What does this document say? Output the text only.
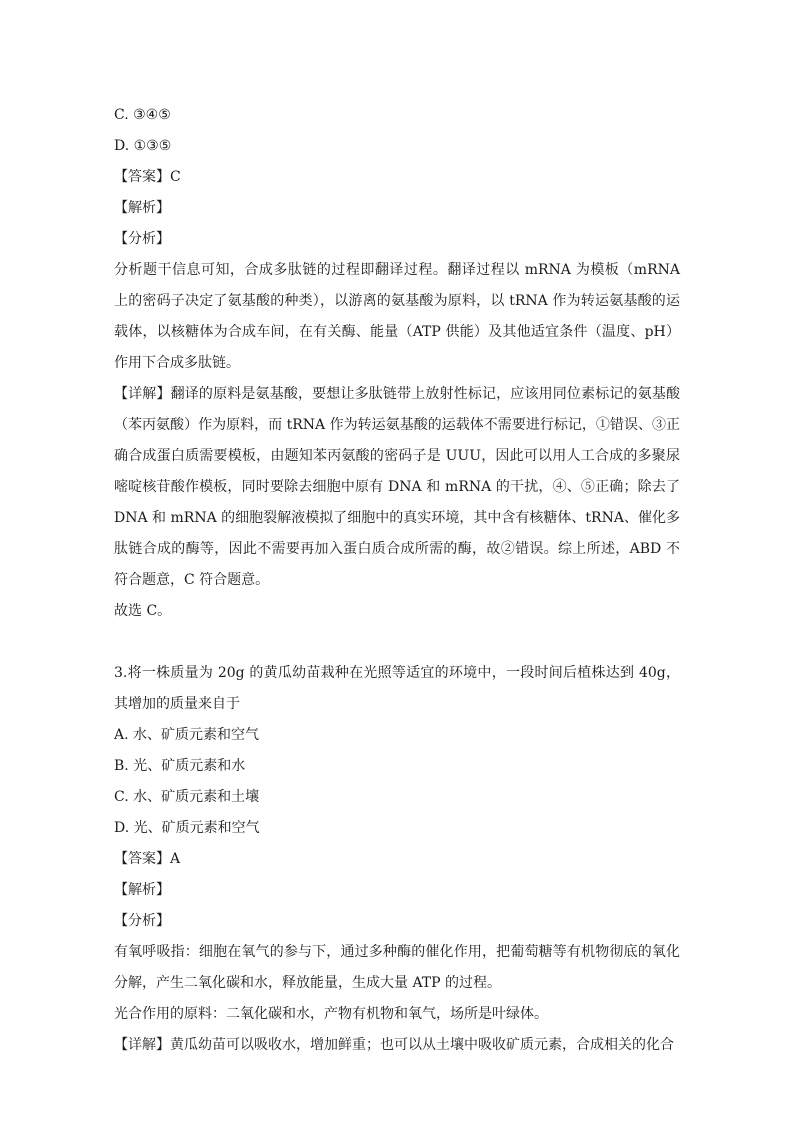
C. ③④⑤
D. ①③⑤
【答案】C
【解析】
【分析】
分析题干信息可知，合成多肽链的过程即翻译过程。翻译过程以 mRNA 为模板（mRNA 上的密码子决定了氨基酸的种类），以游离的氨基酸为原料，以 tRNA 作为转运氨基酸的运载体，以核糖体为合成车间，在有关酶、能量（ATP 供能）及其他适宜条件（温度、pH）作用下合成多肽链。
【详解】翻译的原料是氨基酸，要想让多肽链带上放射性标记，应该用同位素标记的氨基酸（苯丙氨酸）作为原料，而 tRNA 作为转运氨基酸的运载体不需要进行标记，①错误、③正确合成蛋白质需要模板，由题知苯丙氨酸的密码子是 UUU，因此可以用人工合成的多聚尿嘧啶核苷酸作模板，同时要除去细胞中原有 DNA 和 mRNA 的干扰，④、⑤正确；除去了 DNA 和 mRNA 的细胞裂解液模拟了细胞中的真实环境，其中含有核糖体、tRNA、催化多肽链合成的酶等，因此不需要再加入蛋白质合成所需的酶，故②错误。综上所述，ABD 不符合题意，C 符合题意。
故选 C。
3.将一株质量为 20g 的黄瓜幼苗栽种在光照等适宜的环境中，一段时间后植株达到 40g，其增加的质量来自于
A. 水、矿质元素和空气
B. 光、矿质元素和水
C. 水、矿质元素和土壤
D. 光、矿质元素和空气
【答案】A
【解析】
【分析】
有氧呼吸指：细胞在氧气的参与下，通过多种酶的催化作用，把葡萄糖等有机物彻底的氧化分解，产生二氧化碳和水，释放能量，生成大量 ATP 的过程。
光合作用的原料：二氧化碳和水，产物有机物和氧气，场所是叶绿体。
【详解】黄瓜幼苗可以吸收水，增加鲜重；也可以从土壤中吸收矿质元素，合成相关的化合
